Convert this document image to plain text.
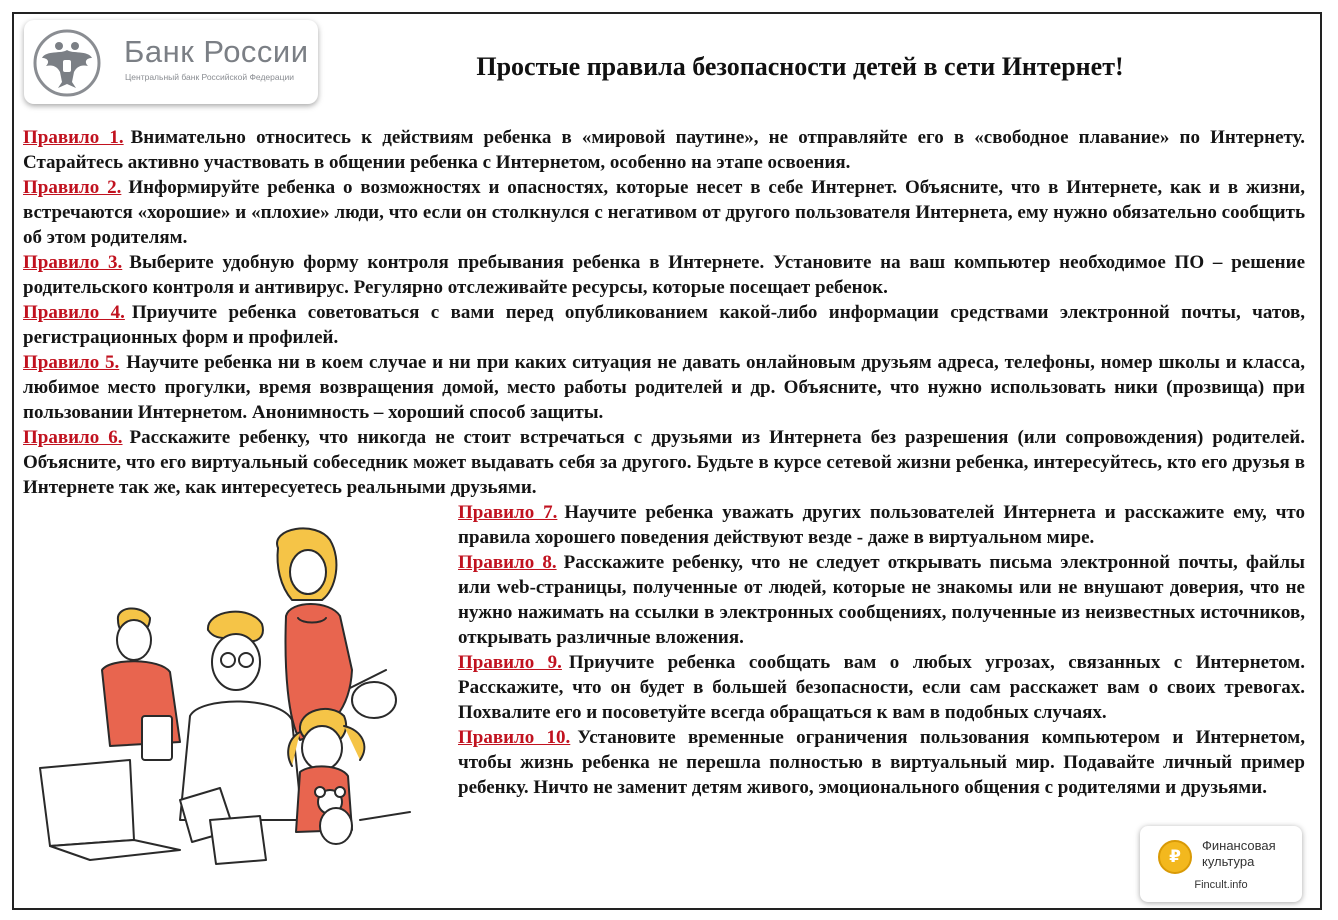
Банк России
Центральный банк Российской Федерации	Простые правила безопасности детей в сети Интернет!

Правило 1. Внимательно относитесь к действиям ребенка в «мировой паутине», не отправляйте его в «свободное плавание» по Интернету. Старайтесь активно участвовать в общении ребенка с Интернетом, особенно на этапе освоения.

Правило 2. Информируйте ребенка о возможностях и опасностях, которые несет в себе Интернет. Объясните, что в Интернете, как и в жизни, встречаются «хорошие» и «плохие» люди, что если он столкнулся с негативом от другого пользователя Интернета, ему нужно обязательно сообщить об этом родителям.

Правило 3. Выберите удобную форму контроля пребывания ребенка в Интернете. Установите на ваш компьютер необходимое ПО – решение родительского контроля и антивирус. Регулярно отслеживайте ресурсы, которые посещает ребенок.

Правило 4. Приучите ребенка советоваться с вами перед опубликованием какой-либо информации средствами электронной почты, чатов, регистрационных форм и профилей.

Правило 5. Научите ребенка ни в коем случае и ни при каких ситуация не давать онлайновым друзьям адреса, телефоны, номер школы и класса, любимое место прогулки, время возвращения домой, место работы родителей и др. Объясните, что нужно использовать ники (прозвища) при пользовании Интернетом. Анонимность – хороший способ защиты.

Правило 6. Расскажите ребенку, что никогда не стоит встречаться с друзьями из Интернета без разрешения (или сопровождения) родителей. Объясните, что его виртуальный собеседник может выдавать себя за другого. Будьте в курсе сетевой жизни ребенка, интересуйтесь, кто его друзья в Интернете так же, как интересуетесь реальными друзьями.

Правило 7. Научите ребенка уважать других пользователей Интернета и расскажите ему, что правила хорошего поведения действуют везде - даже в виртуальном мире.

Правило 8. Расскажите ребенку, что не следует открывать письма электронной почты, файлы или web-страницы, полученные от людей, которые не знакомы или не внушают доверия, что не нужно нажимать на ссылки в электронных сообщениях, полученные из неизвестных источников, открывать различные вложения.

Правило 9. Приучите ребенка сообщать вам о любых угрозах, связанных с Интернетом. Расскажите, что он будет в большей безопасности, если сам расскажет вам о своих тревогах. Похвалите его и посоветуйте всегда обращаться к вам в подобных случаях.

Правило 10. Установите временные ограничения пользования компьютером и Интернетом, чтобы жизнь ребенка не перешла полностью в виртуальный мир. Подавайте личный пример ребенку. Ничто не заменит детям живого, эмоционального общения с родителями и друзьями.

₽
Финансовая культура
Fincult.info
